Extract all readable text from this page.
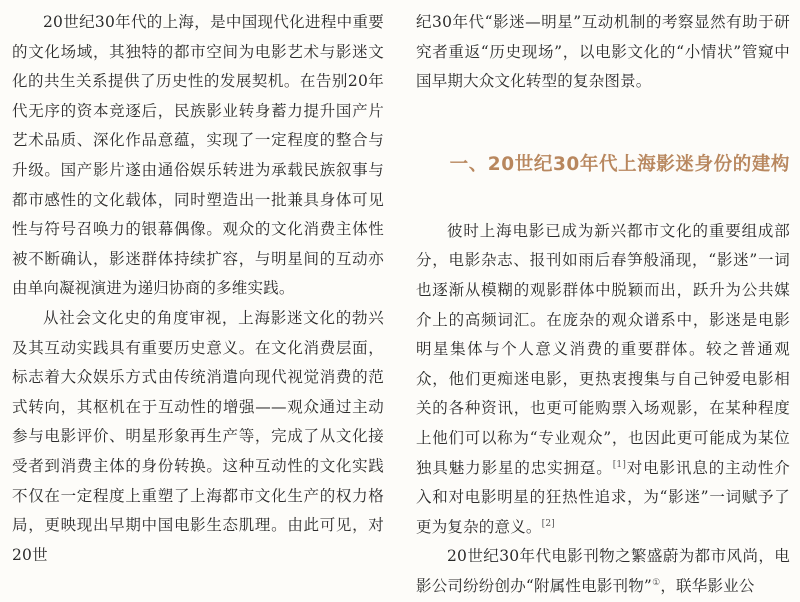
20世纪30年代的上海，是中国现代化进程中重要的文化场域，其独特的都市空间为电影艺术与影迷文化的共生关系提供了历史性的发展契机。在告别20年代无序的资本竞逐后，民族影业转身蓄力提升国产片艺术品质、深化作品意蕴，实现了一定程度的整合与升级。国产影片遂由通俗娱乐转进为承载民族叙事与都市感性的文化载体，同时塑造出一批兼具身体可见性与符号召唤力的银幕偶像。观众的文化消费主体性被不断确认，影迷群体持续扩容，与明星间的互动亦由单向凝视演进为递归协商的多维实践。

从社会文化史的角度审视，上海影迷文化的勃兴及其互动实践具有重要历史意义。在文化消费层面，标志着大众娱乐方式由传统消遣向现代视觉消费的范式转向，其枢机在于互动性的增强——观众通过主动参与电影评价、明星形象再生产等，完成了从文化接受者到消费主体的身份转换。这种互动性的文化实践不仅在一定程度上重塑了上海都市文化生产的权力格局，更映现出早期中国电影生态肌理。由此可见，对20世

纪30年代“影迷—明星”互动机制的考察显然有助于研究者重返“历史现场”，以电影文化的“小情状”管窥中国早期大众文化转型的复杂图景。

一、20世纪30年代上海影迷身份的建构

彼时上海电影已成为新兴都市文化的重要组成部分，电影杂志、报刊如雨后春笋般涌现，“影迷”一词也逐渐从模糊的观影群体中脱颖而出，跃升为公共媒介上的高频词汇。在庞杂的观众谱系中，影迷是电影明星集体与个人意义消费的重要群体。较之普通观众，他们更痴迷电影，更热衷搜集与自己钟爱电影相关的各种资讯，也更可能购票入场观影，在某种程度上他们可以称为“专业观众”，也因此更可能成为某位独具魅力影星的忠实拥趸。[1]对电影讯息的主动性介入和对电影明星的狂热性追求，为“影迷”一词赋予了更为复杂的意义。[2]

20世纪30年代电影刊物之繁盛蔚为都市风尚，电影公司纷纷创办“附属性电影刊物”①，联华影业公
